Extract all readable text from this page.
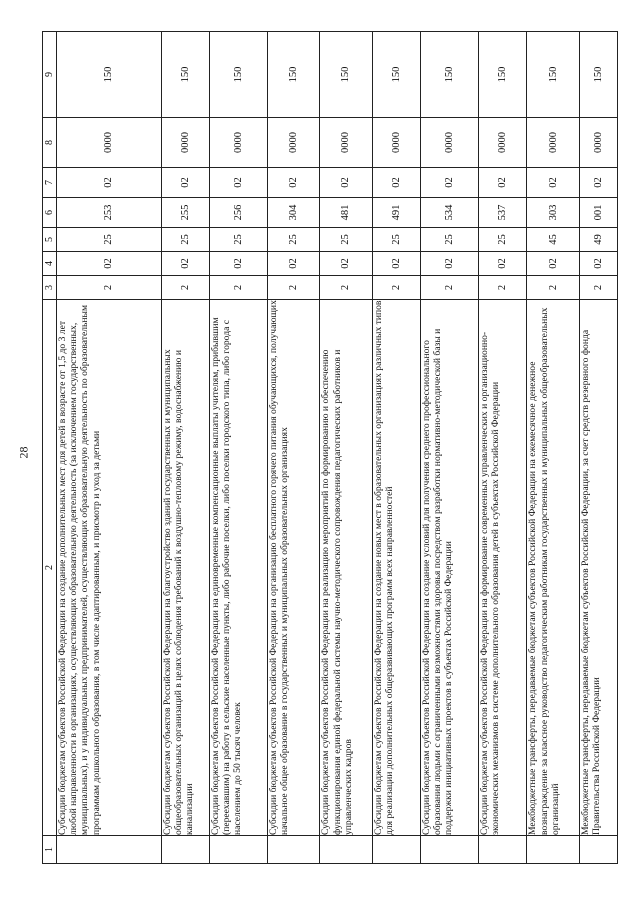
28
1	2	3	4	5	6	7	8	9
	Субсидии бюджетам субъектов Российской Федерации на создание дополнительных мест для детей в возрасте от 1,5 до 3 лет любой направленности в организациях, осуществляющих образовательную деятельность (за исключением государственных, муниципальных), и у индивидуальных предпринимателей, осуществляющих образовательную деятельность по образовательным программам дошкольного образования, в том числе адаптированным, и присмотр и уход за детьми	2	02	25	253	02	0000	150
	Субсидии бюджетам субъектов Российской Федерации на благоустройство зданий государственных и муниципальных общеобразовательных организаций в целях соблюдения требований к воздушно-тепловому режиму, водоснабжению и канализации	2	02	25	255	02	0000	150
	Субсидии бюджетам субъектов Российской Федерации на единовременные компенсационные выплаты учителям, прибывшим (переехавшим) на работу в сельские населенные пункты, либо рабочие поселки, либо поселки городского типа, либо города с населением до 50 тысяч человек	2	02	25	256	02	0000	150
	Субсидии бюджетам субъектов Российской Федерации на организацию бесплатного горячего питания обучающихся, получающих начальное общее образование в государственных и муниципальных образовательных организациях	2	02	25	304	02	0000	150
	Субсидии бюджетам субъектов Российской Федерации на реализацию мероприятий по формированию и обеспечению функционирования единой федеральной системы научно-методического сопровождения педагогических работников и управленческих кадров	2	02	25	481	02	0000	150
	Субсидии бюджетам субъектов Российской Федерации на создание новых мест в образовательных организациях различных типов для реализации дополнительных общеразвивающих программ всех направленностей	2	02	25	491	02	0000	150
	Субсидии бюджетам субъектов Российской Федерации на создание условий для получения среднего профессионального образования людьми с ограниченными возможностями здоровья посредством разработки нормативно-методической базы и поддержки инициативных проектов в субъектах Российской Федерации	2	02	25	534	02	0000	150
	Субсидии бюджетам субъектов Российской Федерации на формирование современных управленческих и организационно-экономических механизмов в системе дополнительного образования детей в субъектах Российской Федерации	2	02	25	537	02	0000	150
	Межбюджетные трансферты, передаваемые бюджетам субъектов Российской Федерации на ежемесячное денежное вознаграждение за классное руководство педагогическим работникам государственных и муниципальных общеобразовательных организаций	2	02	45	303	02	0000	150
	Межбюджетные трансферты, передаваемые бюджетам субъектов Российской Федерации, за счет средств резервного фонда Правительства Российской Федерации	2	02	49	001	02	0000	150
